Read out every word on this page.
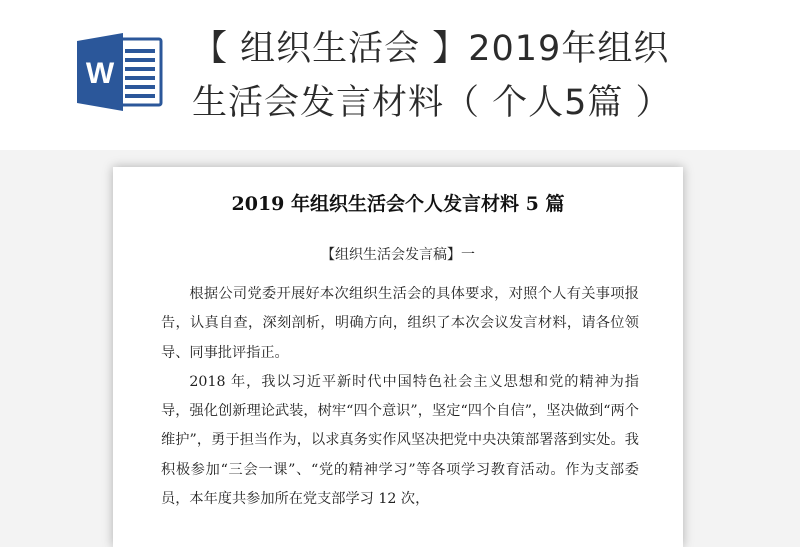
W
【 组织生活会 】2019年组织
生活会发言材料（ 个人5篇 ）
2019 年组织生活会个人发言材料 5 篇
【组织生活会发言稿】一

根据公司党委开展好本次组织生活会的具体要求，对照个人有关事项报告，认真自查，深刻剖析，明确方向，组织了本次会议发言材料，请各位领导、同事批评指正。

2018 年，我以习近平新时代中国特色社会主义思想和党的精神为指导，强化创新理论武装，树牢“四个意识”，坚定“四个自信”，坚决做到“两个维护”，勇于担当作为，以求真务实作风坚决把党中央决策部署落到实处。我积极参加“三会一课”、“党的精神学习”等各项学习教育活动。作为支部委员，本年度共参加所在党支部学习 12 次，
